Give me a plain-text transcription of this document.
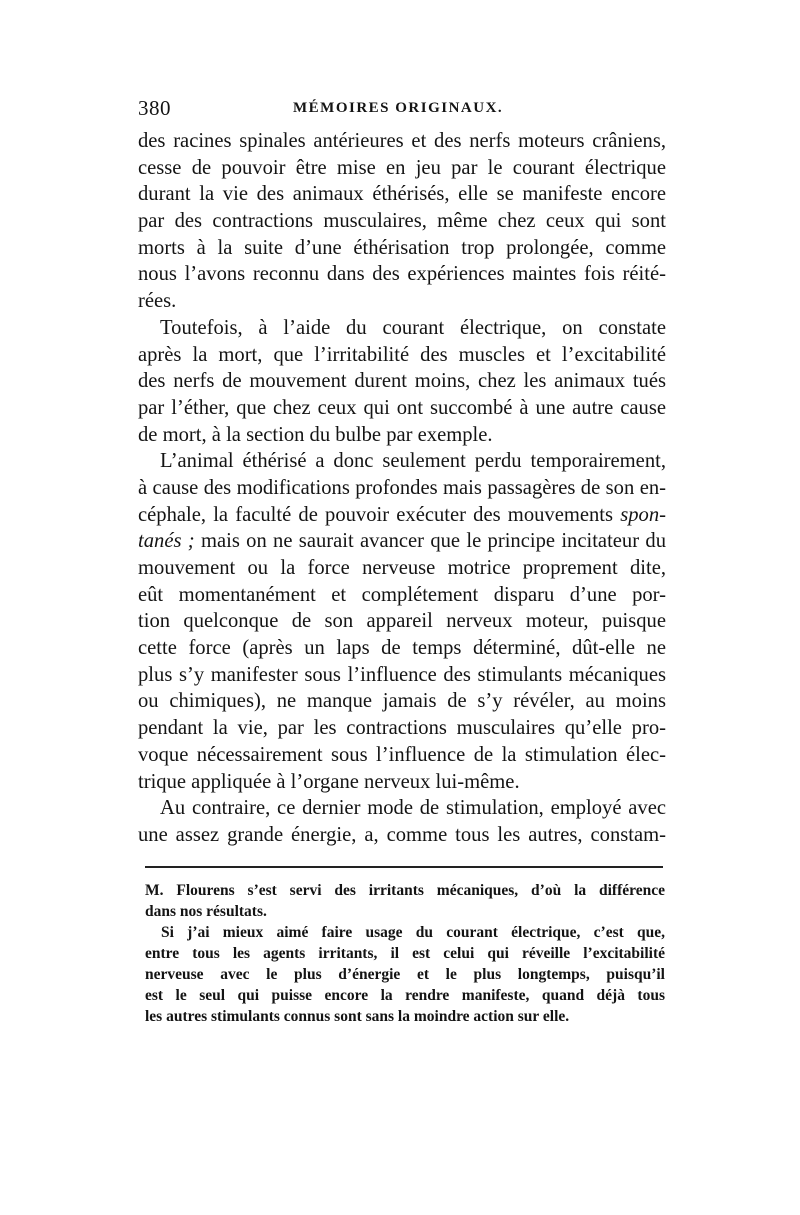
380	MÉMOIRES ORIGINAUX.
des racines spinales antérieures et des nerfs moteurs crâniens,
cesse de pouvoir être mise en jeu par le courant électrique
durant la vie des animaux éthérisés, elle se manifeste encore
par des contractions musculaires, même chez ceux qui sont
morts à la suite d’une éthérisation trop prolongée, comme
nous l’avons reconnu dans des expériences maintes fois réité-
rées.
Toutefois, à l’aide du courant électrique, on constate
après la mort, que l’irritabilité des muscles et l’excitabilité
des nerfs de mouvement durent moins, chez les animaux tués
par l’éther, que chez ceux qui ont succombé à une autre cause
de mort, à la section du bulbe par exemple.
L’animal éthérisé a donc seulement perdu temporairement,
à cause des modifications profondes mais passagères de son en-
céphale, la faculté de pouvoir exécuter des mouvements spon-
tanés ; mais on ne saurait avancer que le principe incitateur du
mouvement ou la force nerveuse motrice proprement dite,
eût momentanément et complétement disparu d’une por-
tion quelconque de son appareil nerveux moteur, puisque
cette force (après un laps de temps déterminé, dût-elle ne
plus s’y manifester sous l’influence des stimulants mécaniques
ou chimiques), ne manque jamais de s’y révéler, au moins
pendant la vie, par les contractions musculaires qu’elle pro-
voque nécessairement sous l’influence de la stimulation élec-
trique appliquée à l’organe nerveux lui-même.
Au contraire, ce dernier mode de stimulation, employé avec
une assez grande énergie, a, comme tous les autres, constam-
M. Flourens s’est servi des irritants mécaniques, d’où la différence
dans nos résultats.
Si j’ai mieux aimé faire usage du courant électrique, c’est que,
entre tous les agents irritants, il est celui qui réveille l’excitabilité
nerveuse avec le plus d’énergie et le plus longtemps, puisqu’il
est le seul qui puisse encore la rendre manifeste, quand déjà tous
les autres stimulants connus sont sans la moindre action sur elle.
